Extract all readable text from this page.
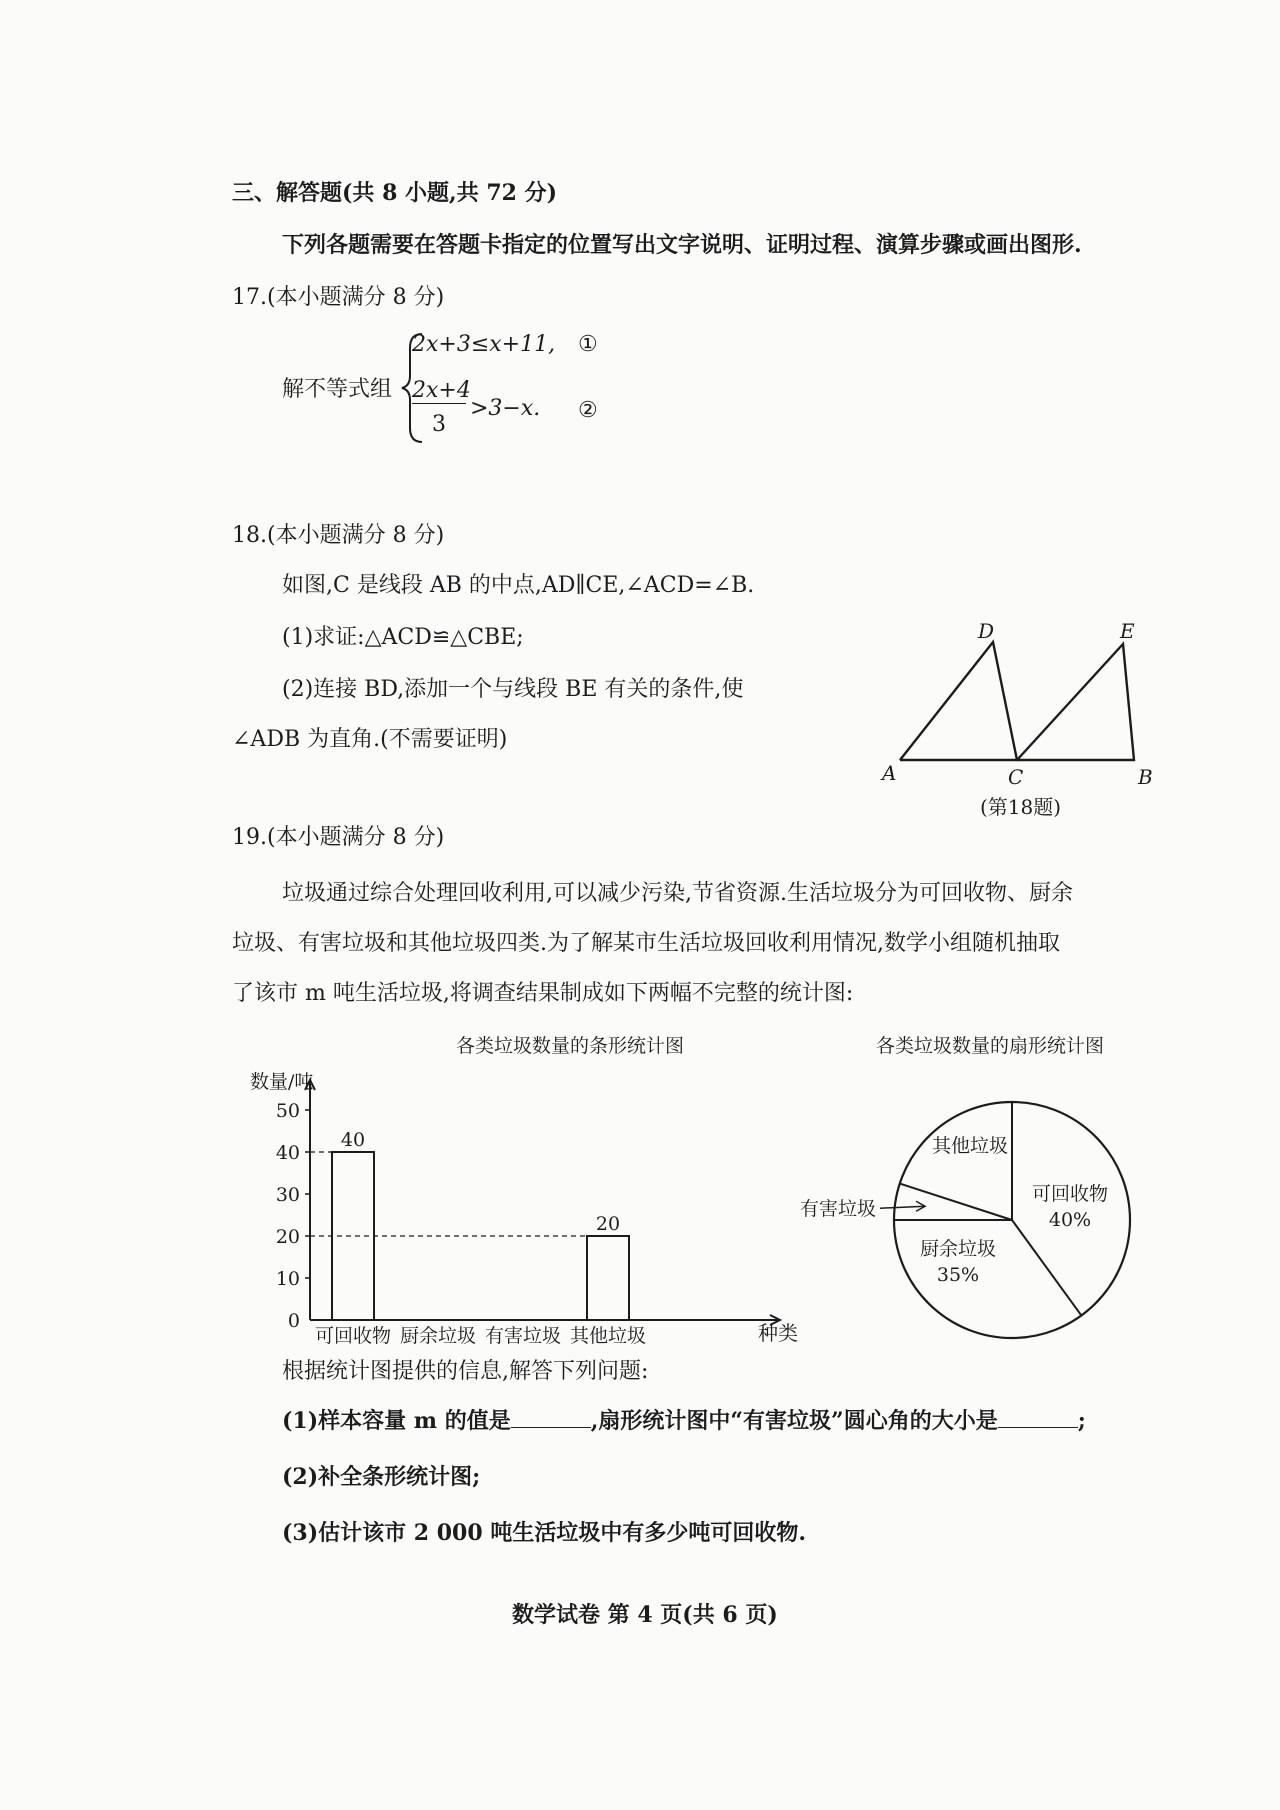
三、解答题(共 8 小题,共 72 分)
下列各题需要在答题卡指定的位置写出文字说明、证明过程、演算步骤或画出图形.
17.(本小题满分 8 分)
解不等式组
2x+3≤x+11, ①
2x+4
3
>3−x. ②
18.(本小题满分 8 分)
如图,C 是线段 AB 的中点,AD∥CE,∠ACD=∠B.
(1)求证:△ACD≌△CBE;
(2)连接 BD,添加一个与线段 BE 有关的条件,使
∠ADB 为直角.(不需要证明)
D	E
A	C	B
(第18题)
19.(本小题满分 8 分)
垃圾通过综合处理回收利用,可以减少污染,节省资源.生活垃圾分为可回收物、厨余
垃圾、有害垃圾和其他垃圾四类.为了解某市生活垃圾回收利用情况,数学小组随机抽取
了该市 m 吨生活垃圾,将调查结果制成如下两幅不完整的统计图:
各类垃圾数量的条形统计图
数量/吨
种类
0
10
20
30
40
50
可回收物
40
厨余垃圾 有害垃圾 其他垃圾
20
各类垃圾数量的扇形统计图
可回收物
40%
厨余垃圾
35%
有害垃圾
其他垃圾
根据统计图提供的信息,解答下列问题:
(1)样本容量 m 的值是	,扇形统计图中“有害垃圾”圆心角的大小是	;
(2)补全条形统计图;
(3)估计该市 2 000 吨生活垃圾中有多少吨可回收物.
数学试卷 第 4 页(共 6 页)
